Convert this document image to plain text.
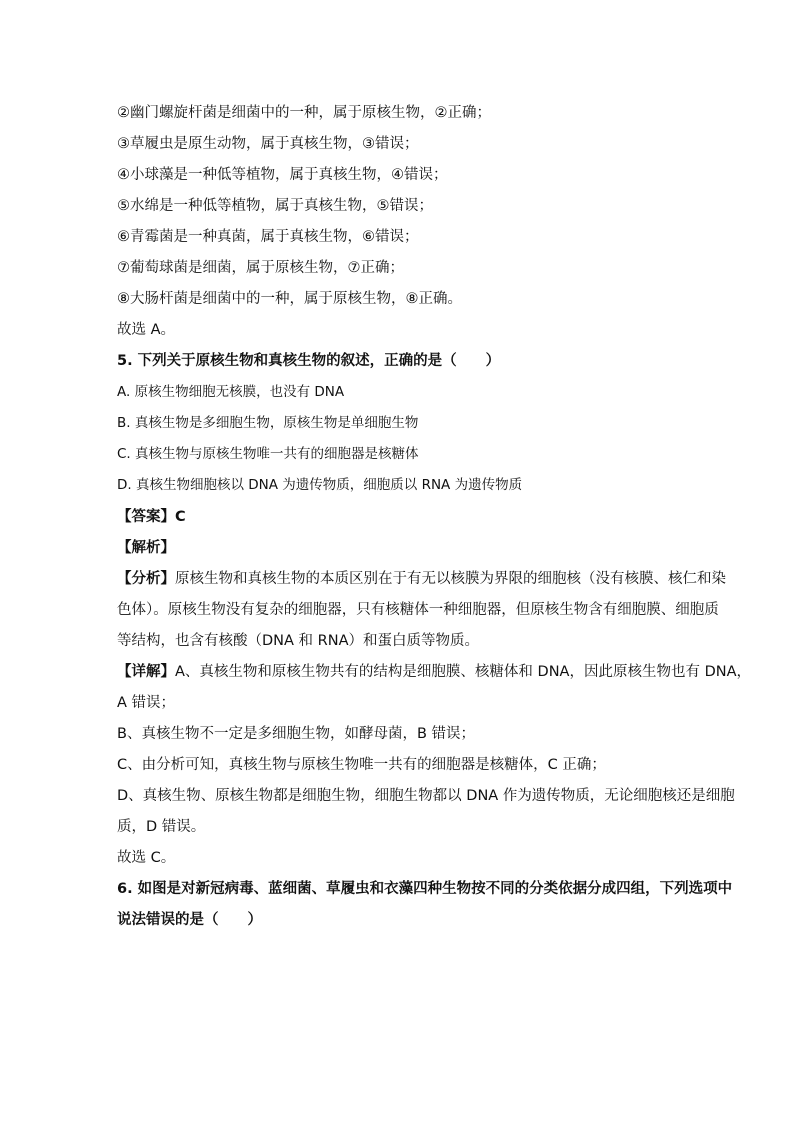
②幽门螺旋杆菌是细菌中的一种，属于原核生物，②正确；
③草履虫是原生动物，属于真核生物，③错误；
④小球藻是一种低等植物，属于真核生物，④错误；
⑤水绵是一种低等植物，属于真核生物，⑤错误；
⑥青霉菌是一种真菌，属于真核生物，⑥错误；
⑦葡萄球菌是细菌，属于原核生物，⑦正确；
⑧大肠杆菌是细菌中的一种，属于原核生物，⑧正确。
故选 A。
5. 下列关于原核生物和真核生物的叙述，正确的是（　　）
A. 原核生物细胞无核膜，也没有 DNA
B. 真核生物是多细胞生物，原核生物是单细胞生物
C. 真核生物与原核生物唯一共有的细胞器是核糖体
D. 真核生物细胞核以 DNA 为遗传物质，细胞质以 RNA 为遗传物质
【答案】C
【解析】
【分析】原核生物和真核生物的本质区别在于有无以核膜为界限的细胞核（没有核膜、核仁和染
色体）。原核生物没有复杂的细胞器，只有核糖体一种细胞器，但原核生物含有细胞膜、细胞质
等结构，也含有核酸（DNA 和 RNA）和蛋白质等物质。
【详解】A、真核生物和原核生物共有的结构是细胞膜、核糖体和 DNA，因此原核生物也有 DNA，
A 错误；
B、真核生物不一定是多细胞生物，如酵母菌，B 错误；
C、由分析可知，真核生物与原核生物唯一共有的细胞器是核糖体，C 正确；
D、真核生物、原核生物都是细胞生物，细胞生物都以 DNA 作为遗传物质，无论细胞核还是细胞
质，D 错误。
故选 C。
6. 如图是对新冠病毒、蓝细菌、草履虫和衣藻四种生物按不同的分类依据分成四组，下列选项中
说法错误的是（　　）
